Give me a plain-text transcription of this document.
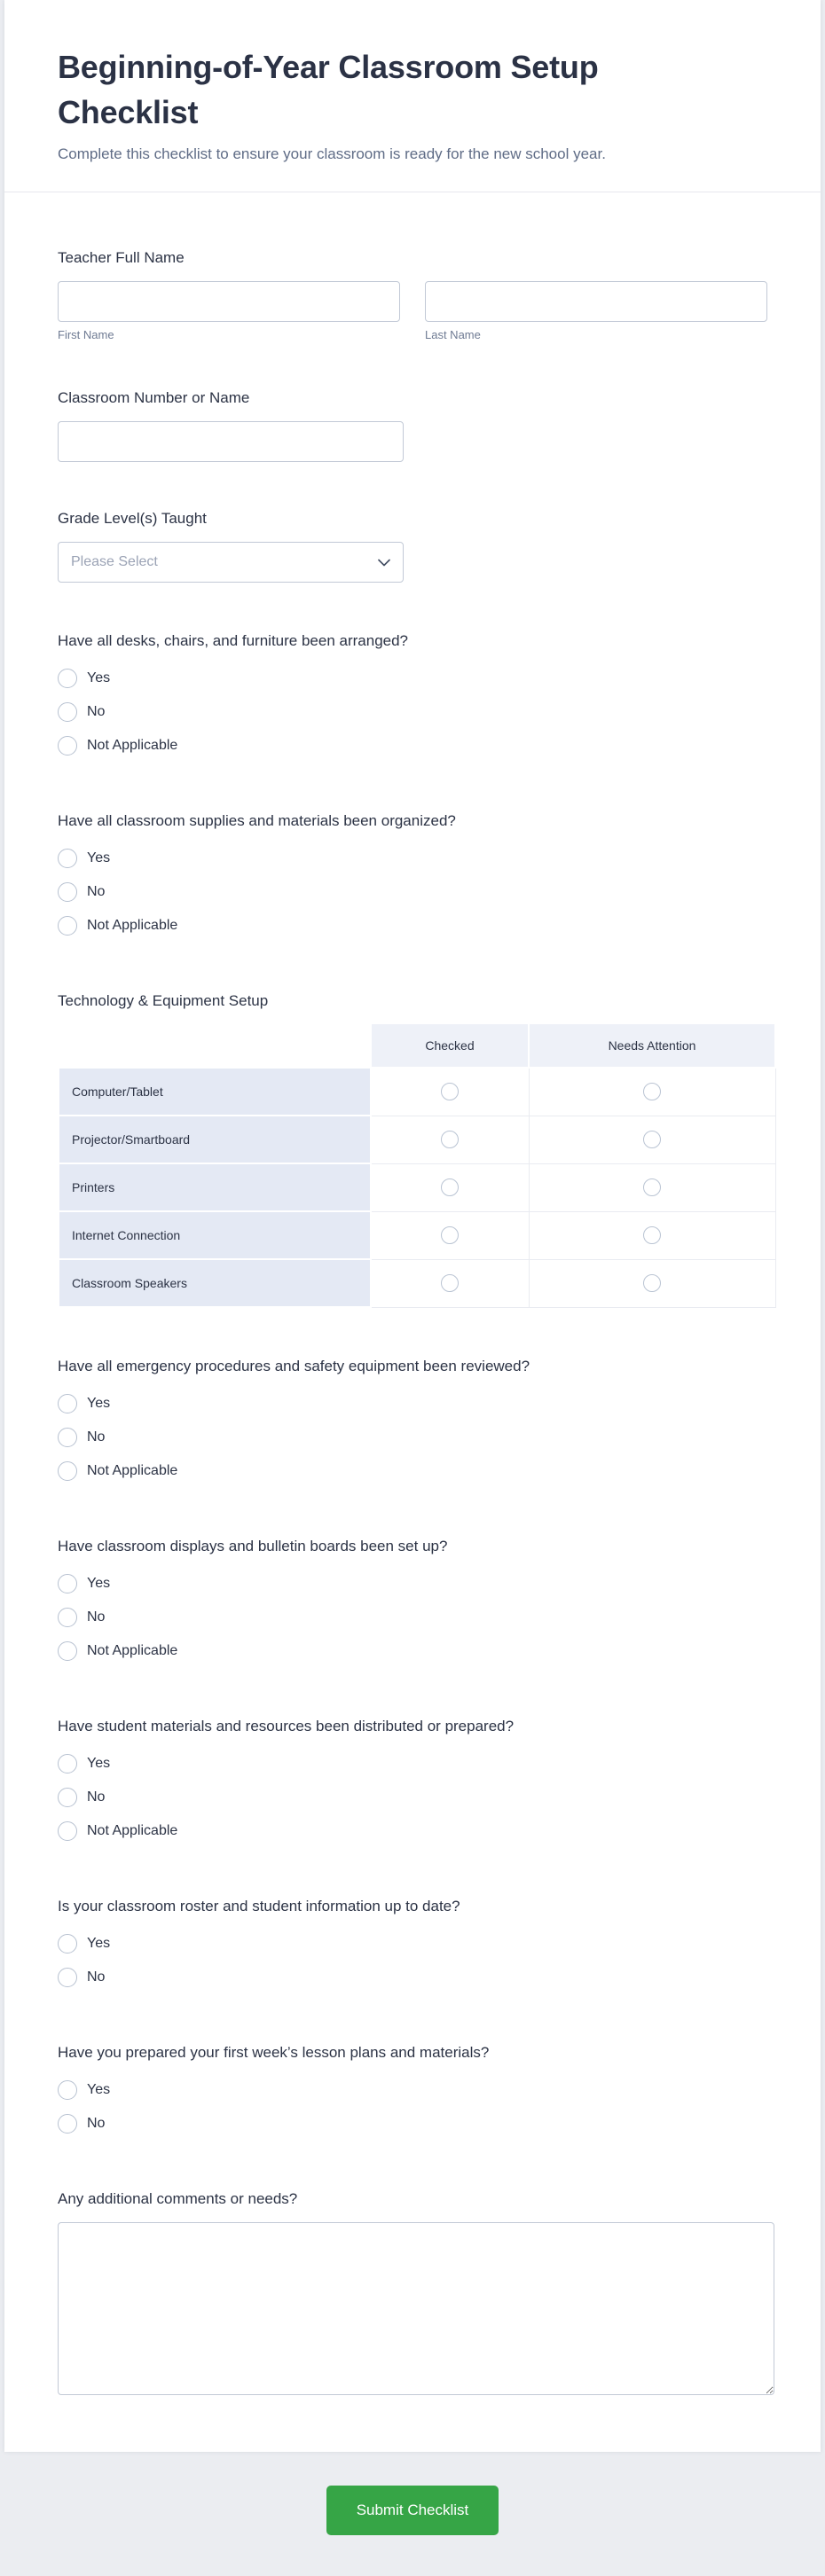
Beginning-of-Year Classroom Setup Checklist
Complete this checklist to ensure your classroom is ready for the new school year.
Teacher Full Name
First Name	Last Name
Classroom Number or Name
Grade Level(s) Taught
Please Select
Have all desks, chairs, and furniture been arranged?
Yes
No
Not Applicable
Have all classroom supplies and materials been organized?
Yes
No
Not Applicable
Technology & Equipment Setup
	Checked	Needs Attention
Computer/Tablet		
Projector/Smartboard		
Printers		
Internet Connection		
Classroom Speakers		
Have all emergency procedures and safety equipment been reviewed?
Yes
No
Not Applicable
Have classroom displays and bulletin boards been set up?
Yes
No
Not Applicable
Have student materials and resources been distributed or prepared?
Yes
No
Not Applicable
Is your classroom roster and student information up to date?
Yes
No
Have you prepared your first week’s lesson plans and materials?
Yes
No
Any additional comments or needs?
Submit Checklist
